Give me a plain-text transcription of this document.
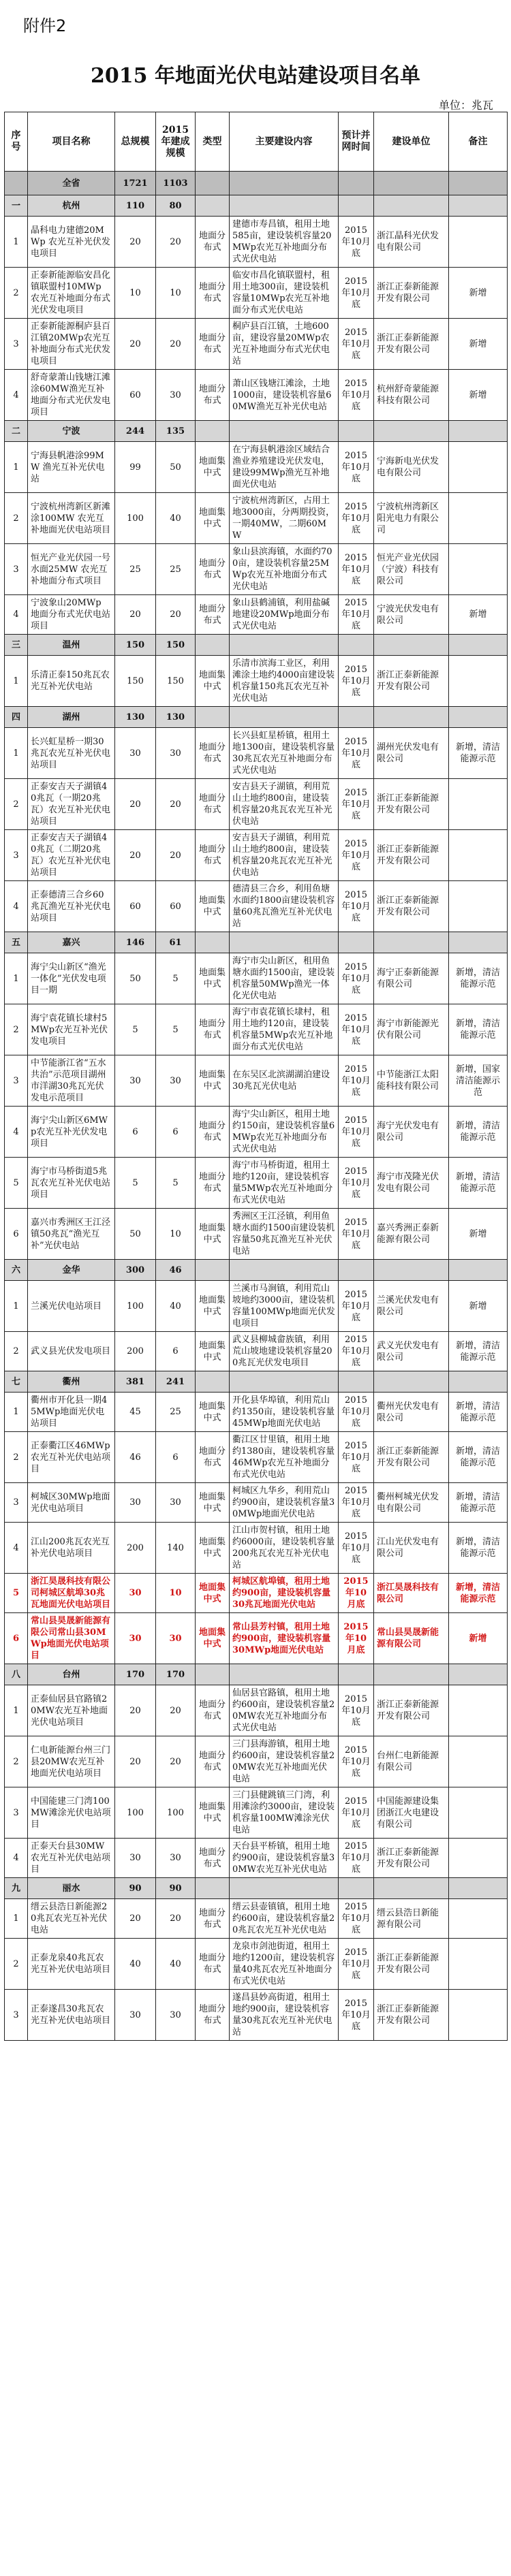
附件2
2015 年地面光伏电站建设项目名单
单位：兆瓦
序号	项目名称	总规模	2015年建成规模	类型	主要建设内容	预计并网时间	建设单位	备注
	全省	1721	1103					
一	杭州	110	80					
1	晶科电力建德20MWp 农光互补光伏发电项目	20	20	地面分布式	建德市寿昌镇，租用土地585亩，建设装机容量20MWp农光互补地面分布式光伏电站	2015年10月底	浙江晶科光伏发电有限公司	
2	正泰新能源临安昌化镇联盟村10MWp 农光互补地面分布式光伏发电项目	10	10	地面分布式	临安市昌化镇联盟村，租用土地300亩，建设装机容量10MWp农光互补地面分布式光伏电站	2015年10月底	浙江正泰新能源开发有限公司	新增
3	正泰新能源桐庐县百江镇20MWp农光互补地面分布式光伏发电项目	20	20	地面分布式	桐庐县百江镇，土地600亩，建设容量20MWp农光互补地面分布式光伏电站	2015年10月底	浙江正泰新能源开发有限公司	新增
4	舒奇蒙萧山钱塘江滩涂60MW渔光互补地面分布式光伏发电项目	60	30	地面分布式	萧山区钱塘江滩涂，土地1000亩，建设装机容量60MW渔光互补光伏电站	2015年10月底	杭州舒奇蒙能源科技有限公司	新增
二	宁波	244	135					
1	宁海县帆港涂99MW 渔光互补光伏电站	99	50	地面集中式	在宁海县帆港涂区域结合渔业养殖建设光伏发电，建设99MWp渔光互补地面光伏电站	2015年10月底	宁海新电光伏发电有限公司	
2	宁波杭州湾新区新滩涂100MW 农光互补地面光伏电站项目	100	40	地面集中式	宁波杭州湾新区，占用土地3000亩，分两期投资，一期40MW，二期60MW	2015年10月底	宁波杭州湾新区阳光电力有限公司	
3	恒光产业光伏园一号水面25MW 农光互补地面分布式项目	25	25	地面分布式	象山县滨海镇，水面约700亩，建设装机容量25MWp农光互补地面分布式光伏电站	2015年10月底	恒光产业光伏园（宁波）科技有限公司	
4	宁波象山20MWp 地面分布式光伏电站项目	20	20	地面分布式	象山县鹤浦镇，利用盐碱地建设20MWp地面分布式光伏电站	2015年10月底	宁波光伏发电有限公司	新增
三	温州	150	150					
1	乐清正泰150兆瓦农光互补光伏电站	150	150	地面集中式	乐清市滨海工业区，利用滩涂土地约4000亩建设装机容量150兆瓦农光互补光伏电站	2015年10月底	浙江正泰新能源开发有限公司	
四	湖州	130	130					
1	长兴虹星桥一期30兆瓦农光互补光伏电站项目	30	30	地面分布式	长兴县虹星桥镇，租用土地1300亩，建设装机容量30兆瓦农光互补地面分布式光伏电站	2015年10月底	湖州光伏发电有限公司	新增，清洁能源示范
2	正泰安吉天子湖镇40兆瓦（一期20兆瓦）农光互补光伏电站项目	20	20	地面分布式	安吉县天子湖镇，利用荒山土地约800亩，建设装机容量20兆瓦农光互补光伏电站	2015年10月底	浙江正泰新能源开发有限公司	
3	正泰安吉天子湖镇40兆瓦（二期20兆瓦）农光互补光伏电站项目	20	20	地面分布式	安吉县天子湖镇，利用荒山土地约800亩，建设装机容量20兆瓦农光互补光伏电站	2015年10月底	浙江正泰新能源开发有限公司	
4	正泰德清三合乡60兆瓦渔光互补光伏电站项目	60	60	地面集中式	德清县三合乡，利用鱼塘水面约1800亩建设装机容量60兆瓦渔光互补光伏电站	2015年10月底	浙江正泰新能源开发有限公司	
五	嘉兴	146	61					
1	海宁尖山新区“渔光一体化”光伏发电项目一期	50	5	地面集中式	海宁市尖山新区，租用鱼塘水面约1500亩，建设装机容量50MWp渔光一体化光伏电站	2015年10月底	海宁正泰新能源有限公司	新增，清洁能源示范
2	海宁袁花镇长埭村5MWp农光互补光伏发电项目	5	5	地面分布式	海宁市袁花镇长埭村，租用土地约120亩，建设装机容量5MWp农光互补地面分布式光伏电站	2015年10月底	海宁市新能源光伏有限公司	新增，清洁能源示范
3	中节能浙江省“五水共治”示范项目湖州市洋湖30兆瓦光伏发电示范项目	30	30	地面集中式	在东吴区北滨湖湖泊建设30兆瓦光伏电站	2015年10月底	中节能浙江太阳能科技有限公司	新增，国家清洁能源示范
4	海宁尖山新区6MWp农光互补光伏发电项目	6	6	地面分布式	海宁尖山新区，租用土地约150亩，建设装机容量6MWp农光互补地面分布式光伏电站	2015年10月底	海宁光伏发电有限公司	新增，清洁能源示范
5	海宁市马桥街道5兆瓦农光互补光伏电站项目	5	5	地面分布式	海宁市马桥街道，租用土地约120亩，建设装机容量5MWp农光互补地面分布式光伏电站	2015年10月底	海宁市茂隆光伏发电有限公司	新增，清洁能源示范
6	嘉兴市秀洲区王江泾镇50兆瓦“渔光互补”光伏电站	50	10	地面集中式	秀洲区王江泾镇，利用鱼塘水面约1500亩建设装机容量50兆瓦渔光互补光伏电站	2015年10月底	嘉兴秀洲正泰新能源有限公司	新增
六	金华	300	46					
1	兰溪光伏电站项目	100	40	地面集中式	兰溪市马涧镇，利用荒山坡地约3000亩，建设装机容量100MWp地面光伏发电项目	2015年10月底	兰溪光伏发电有限公司	新增
2	武义县光伏发电项目	200	6	地面集中式	武义县柳城畲族镇，利用荒山坡地建设装机容量200兆瓦光伏发电项目	2015年10月底	武义光伏发电有限公司	新增，清洁能源示范
七	衢州	381	241					
1	衢州市开化县一期45MWp地面光伏电站项目	45	25	地面集中式	开化县华埠镇，利用荒山约1350亩，建设装机容量45MWp地面光伏电站	2015年10月底	衢州光伏发电有限公司	新增，清洁能源示范
2	正泰衢江区46MWp农光互补光伏电站项目	46	6	地面分布式	衢江区廿里镇，租用土地约1380亩，建设装机容量46MWp农光互补地面分布式光伏电站	2015年10月底	浙江正泰新能源开发有限公司	新增，清洁能源示范
3	柯城区30MWp地面光伏电站项目	30	30	地面集中式	柯城区九华乡，利用荒山约900亩，建设装机容量30MWp地面光伏电站	2015年10月底	衢州柯城光伏发电有限公司	新增，清洁能源示范
4	江山200兆瓦农光互补光伏电站项目	200	140	地面集中式	江山市贺村镇，租用土地约6000亩，建设装机容量200兆瓦农光互补光伏电站	2015年10月底	江山光伏发电有限公司	新增，清洁能源示范
5	浙江昊晟科技有限公司柯城区航埠30兆瓦地面光伏电站项目	30	10	地面集中式	柯城区航埠镇，租用土地约900亩，建设装机容量30兆瓦地面光伏电站	2015年10月底	浙江昊晟科技有限公司	新增，清洁能源示范
6	常山县昊晟新能源有限公司常山县30MWp地面光伏电站项目	30	30	地面集中式	常山县芳村镇，租用土地约900亩，建设装机容量30MWp地面光伏电站	2015年10月底	常山县昊晟新能源有限公司	新增
八	台州	170	170					
1	正泰仙居县官路镇20MW农光互补地面光伏电站项目	20	20	地面分布式	仙居县官路镇，租用土地约600亩，建设装机容量20MW农光互补地面分布式光伏电站	2015年10月底	浙江正泰新能源开发有限公司	
2	仁电新能源台州三门县20MW农光互补地面光伏电站项目	20	20	地面分布式	三门县海游镇，租用土地约600亩，建设装机容量20MW农光互补地面光伏电站	2015年10月底	台州仁电新能源有限公司	
3	中国能建三门湾100MW滩涂光伏电站项目	100	100	地面集中式	三门县健跳镇三门湾，利用滩涂约3000亩，建设装机容量100MW滩涂光伏电站	2015年10月底	中国能源建设集团浙江火电建设有限公司	
4	正泰天台县30MW农光互补光伏电站项目	30	30	地面分布式	天台县平桥镇，租用土地约900亩，建设装机容量30MW农光互补光伏电站	2015年10月底	浙江正泰新能源开发有限公司	
九	丽水	90	90					
1	缙云县浩日新能源20兆瓦农光互补光伏电站	20	20	地面分布式	缙云县壶镇镇，租用土地约600亩，建设装机容量20兆瓦农光互补光伏电站	2015年10月底	缙云县浩日新能源有限公司	
2	正泰龙泉40兆瓦农光互补光伏电站项目	40	40	地面分布式	龙泉市剑池街道，租用土地约1200亩，建设装机容量40兆瓦农光互补地面分布式光伏电站	2015年10月底	浙江正泰新能源开发有限公司	
3	正泰遂昌30兆瓦农光互补光伏电站项目	30	30	地面分布式	遂昌县妙高街道，租用土地约900亩，建设装机容量30兆瓦农光互补光伏电站	2015年10月底	浙江正泰新能源开发有限公司	
